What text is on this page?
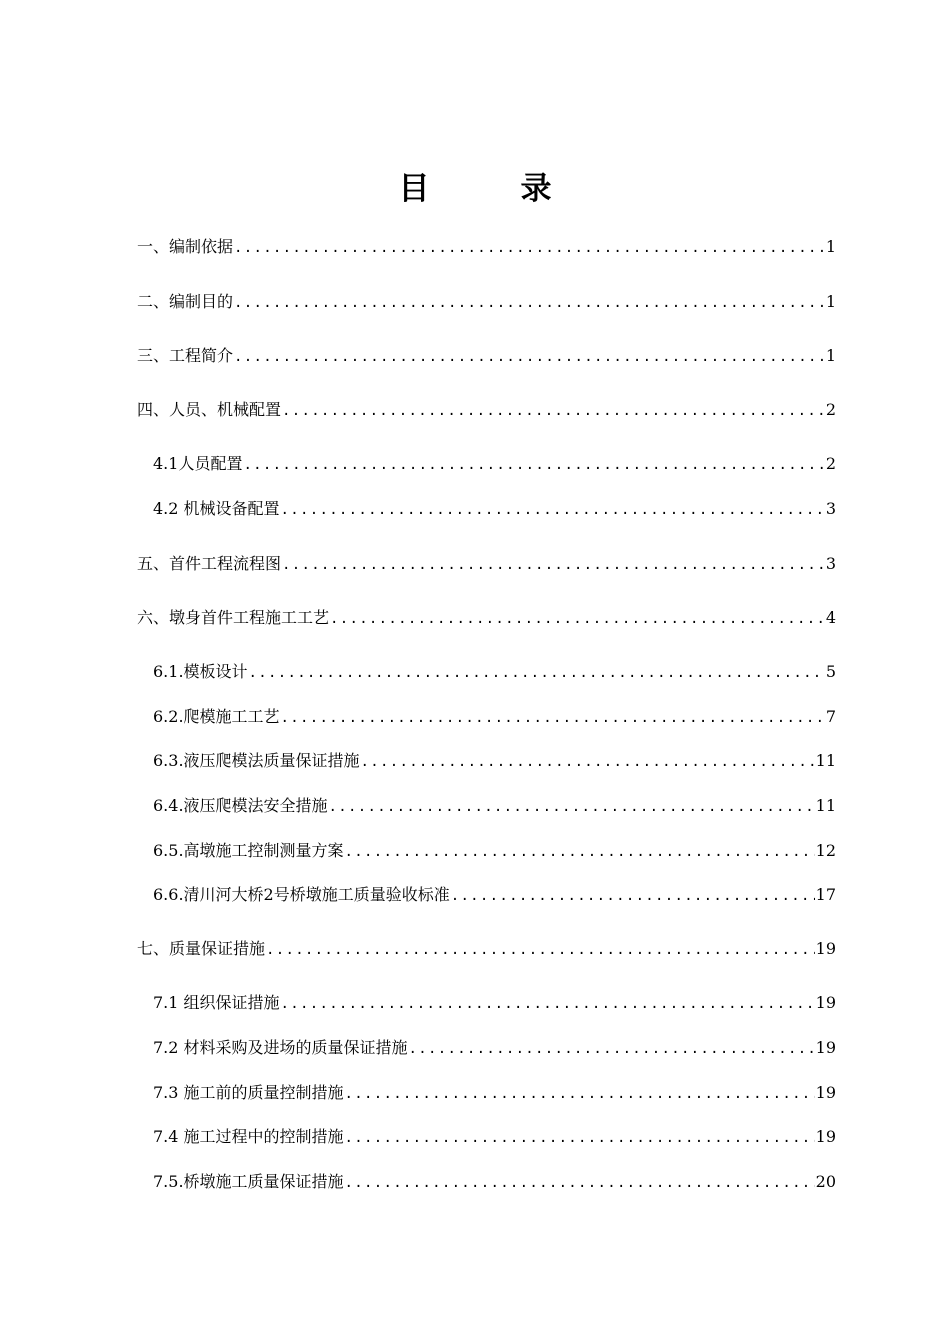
目　录
一、编制依据 .....	1
二、编制目的 .....	1
三、工程简介 .....	1
四、人员、机械配置 .....	2
4.1人员配置 .....	2
4.2 机械设备配置 .....	3
五、首件工程流程图 .....	3
六、墩身首件工程施工工艺 .....	4
6.1.模板设计 .....	5
6.2.爬模施工工艺 .....	7
6.3.液压爬模法质量保证措施 .....	11
6.4.液压爬模法安全措施 .....	11
6.5.高墩施工控制测量方案 .....	12
6.6.清川河大桥2号桥墩施工质量验收标准 .....	17
七、质量保证措施 .....	19
7.1 组织保证措施 .....	19
7.2 材料采购及进场的质量保证措施 .....	19
7.3 施工前的质量控制措施 .....	19
7.4 施工过程中的控制措施 .....	19
7.5.桥墩施工质量保证措施 .....	20
